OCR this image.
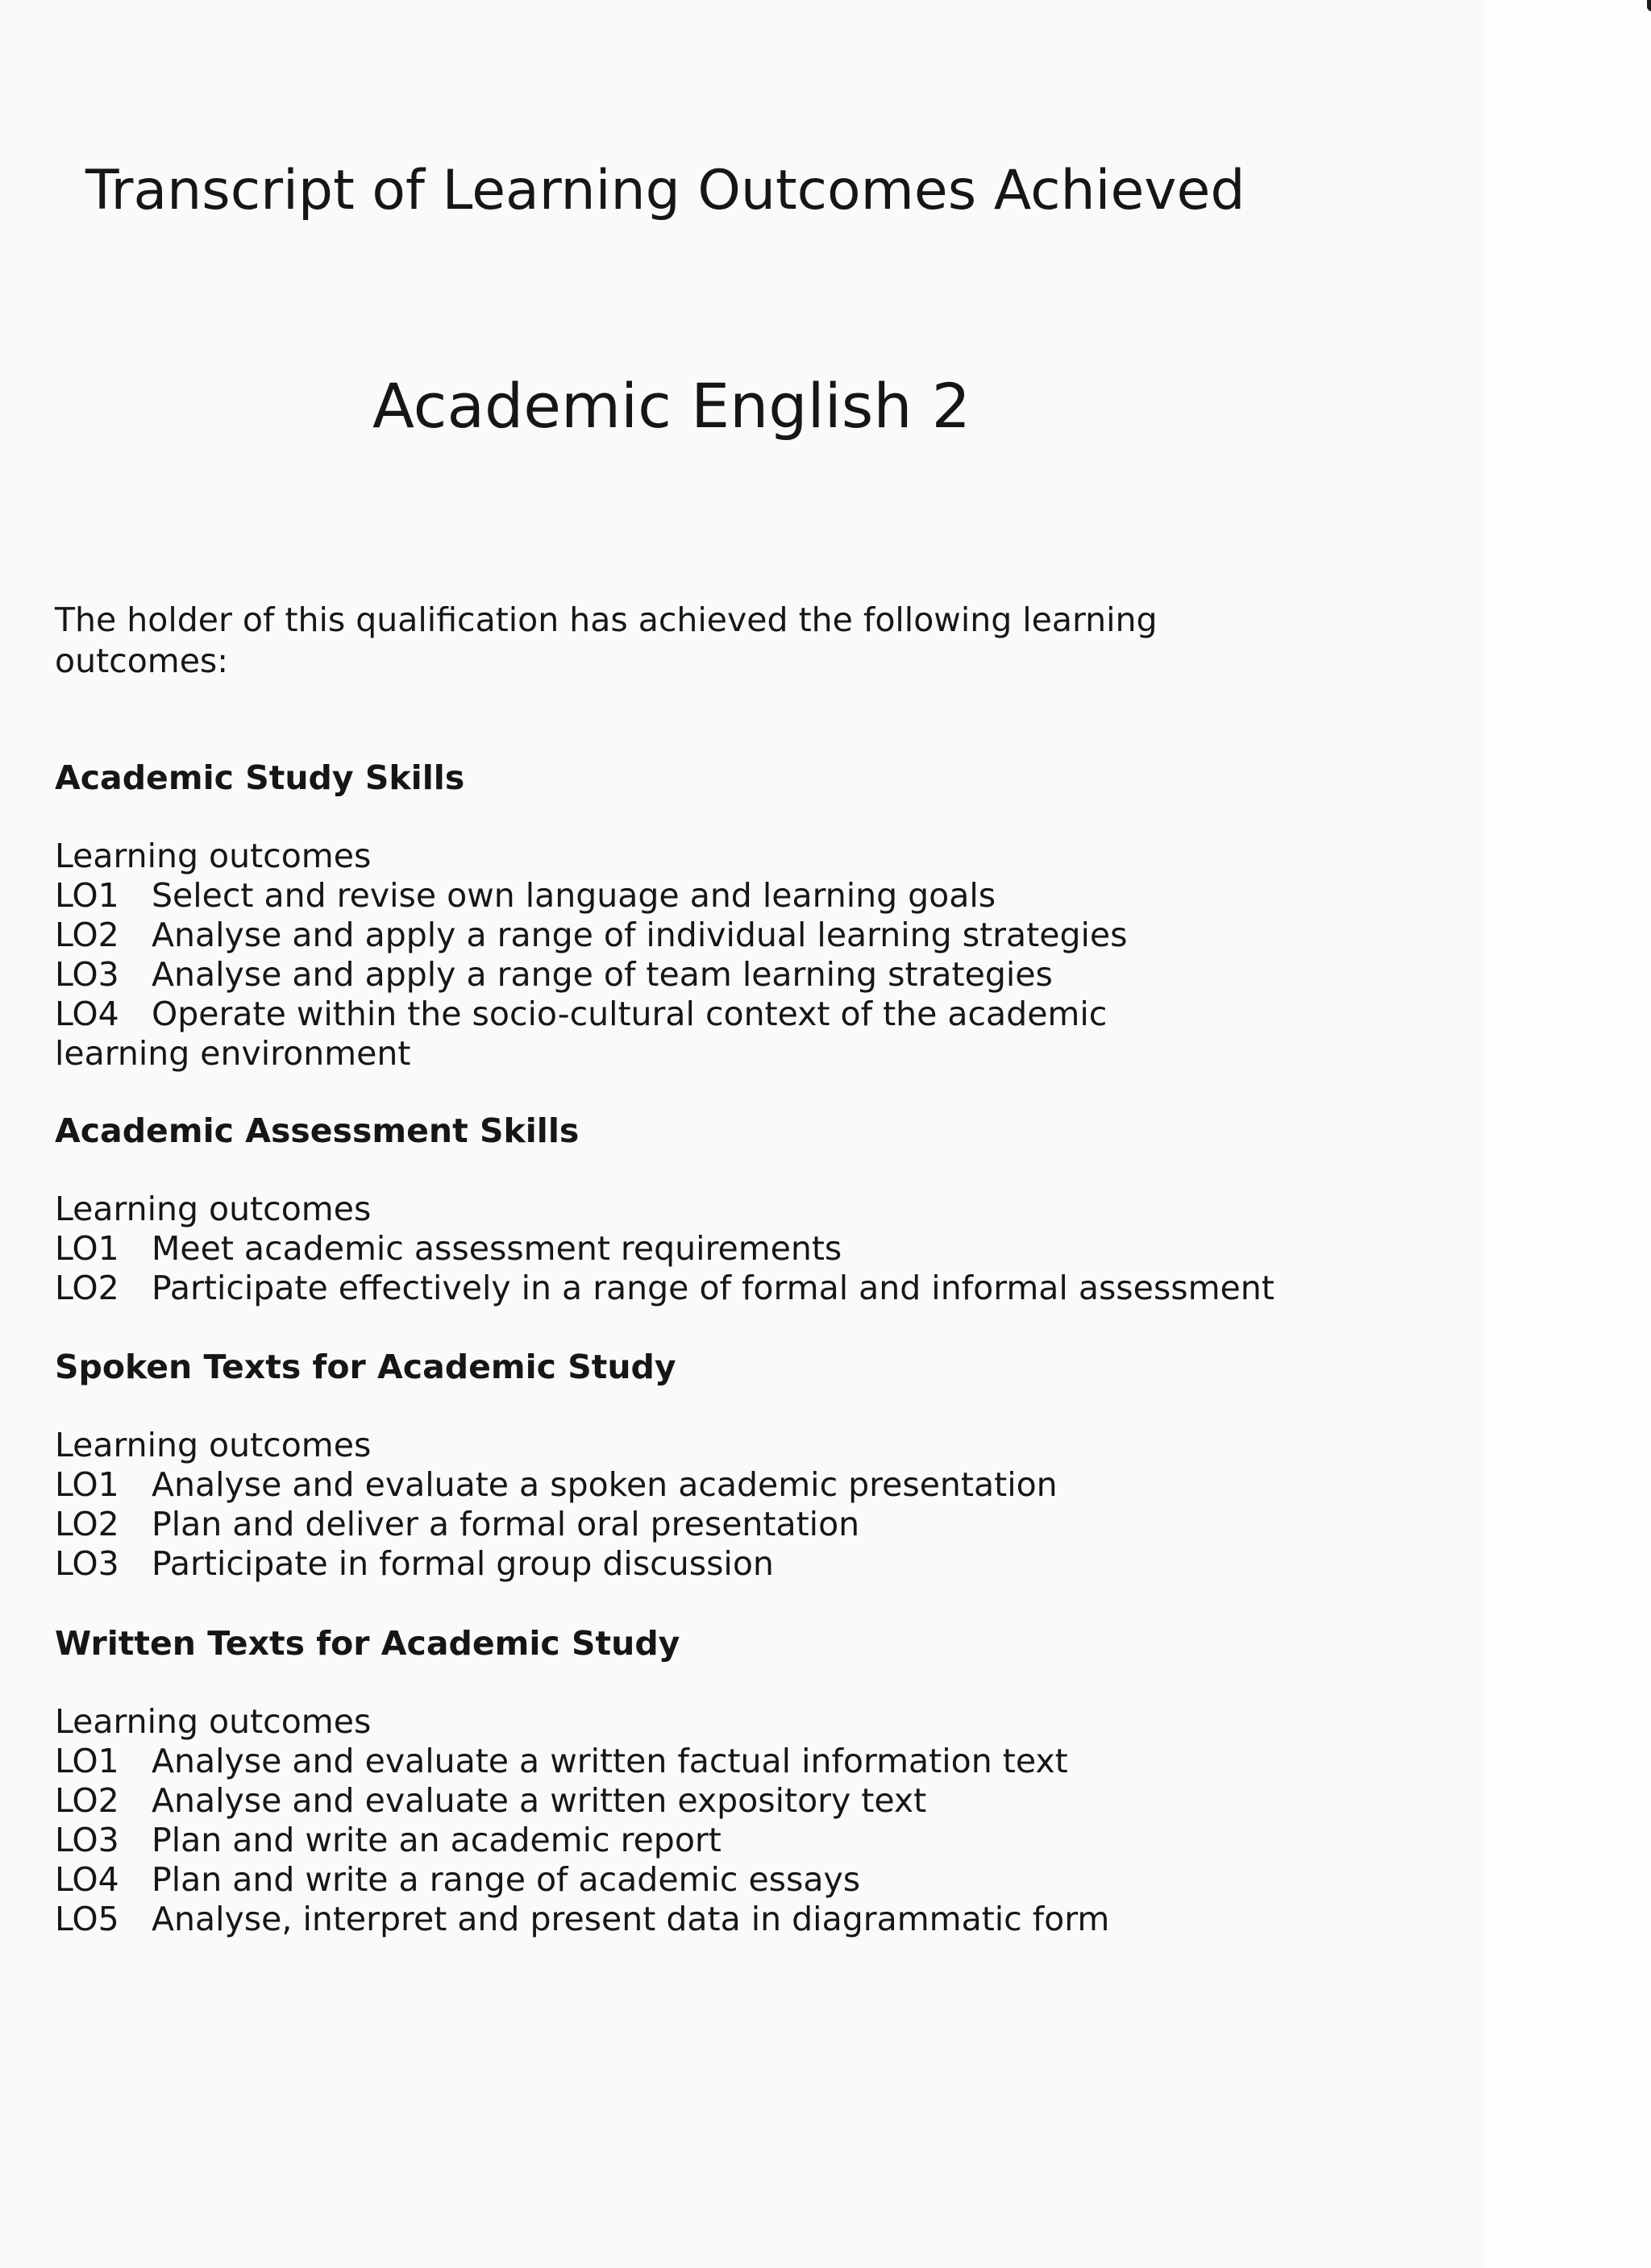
Transcript of Learning Outcomes Achieved
Academic English 2

The holder of this qualification has achieved the following learning outcomes:

Academic Study Skills

Learning outcomes

LO1 Select and revise own language and learning goals
LO2 Analyse and apply a range of individual learning strategies
LO3 Analyse and apply a range of team learning strategies
LO4 Operate within the socio-cultural context of the academic learning environment
Academic Assessment Skills

Learning outcomes

LO1 Meet academic assessment requirements
LO2 Participate effectively in a range of formal and informal assessment
Spoken Texts for Academic Study

Learning outcomes

LO1 Analyse and evaluate a spoken academic presentation
LO2 Plan and deliver a formal oral presentation
LO3 Participate in formal group discussion
Written Texts for Academic Study

Learning outcomes

LO1 Analyse and evaluate a written factual information text
LO2 Analyse and evaluate a written expository text
LO3 Plan and write an academic report
LO4 Plan and write a range of academic essays
LO5 Analyse, interpret and present data in diagrammatic form
